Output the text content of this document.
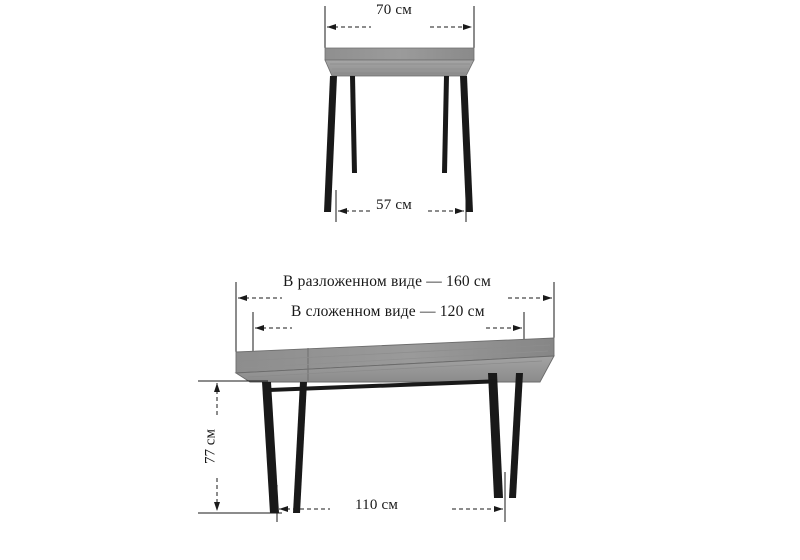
70 см
57 см
В разложенном виде — 160 см
В сложенном виде — 120 см
77 см
110 см
